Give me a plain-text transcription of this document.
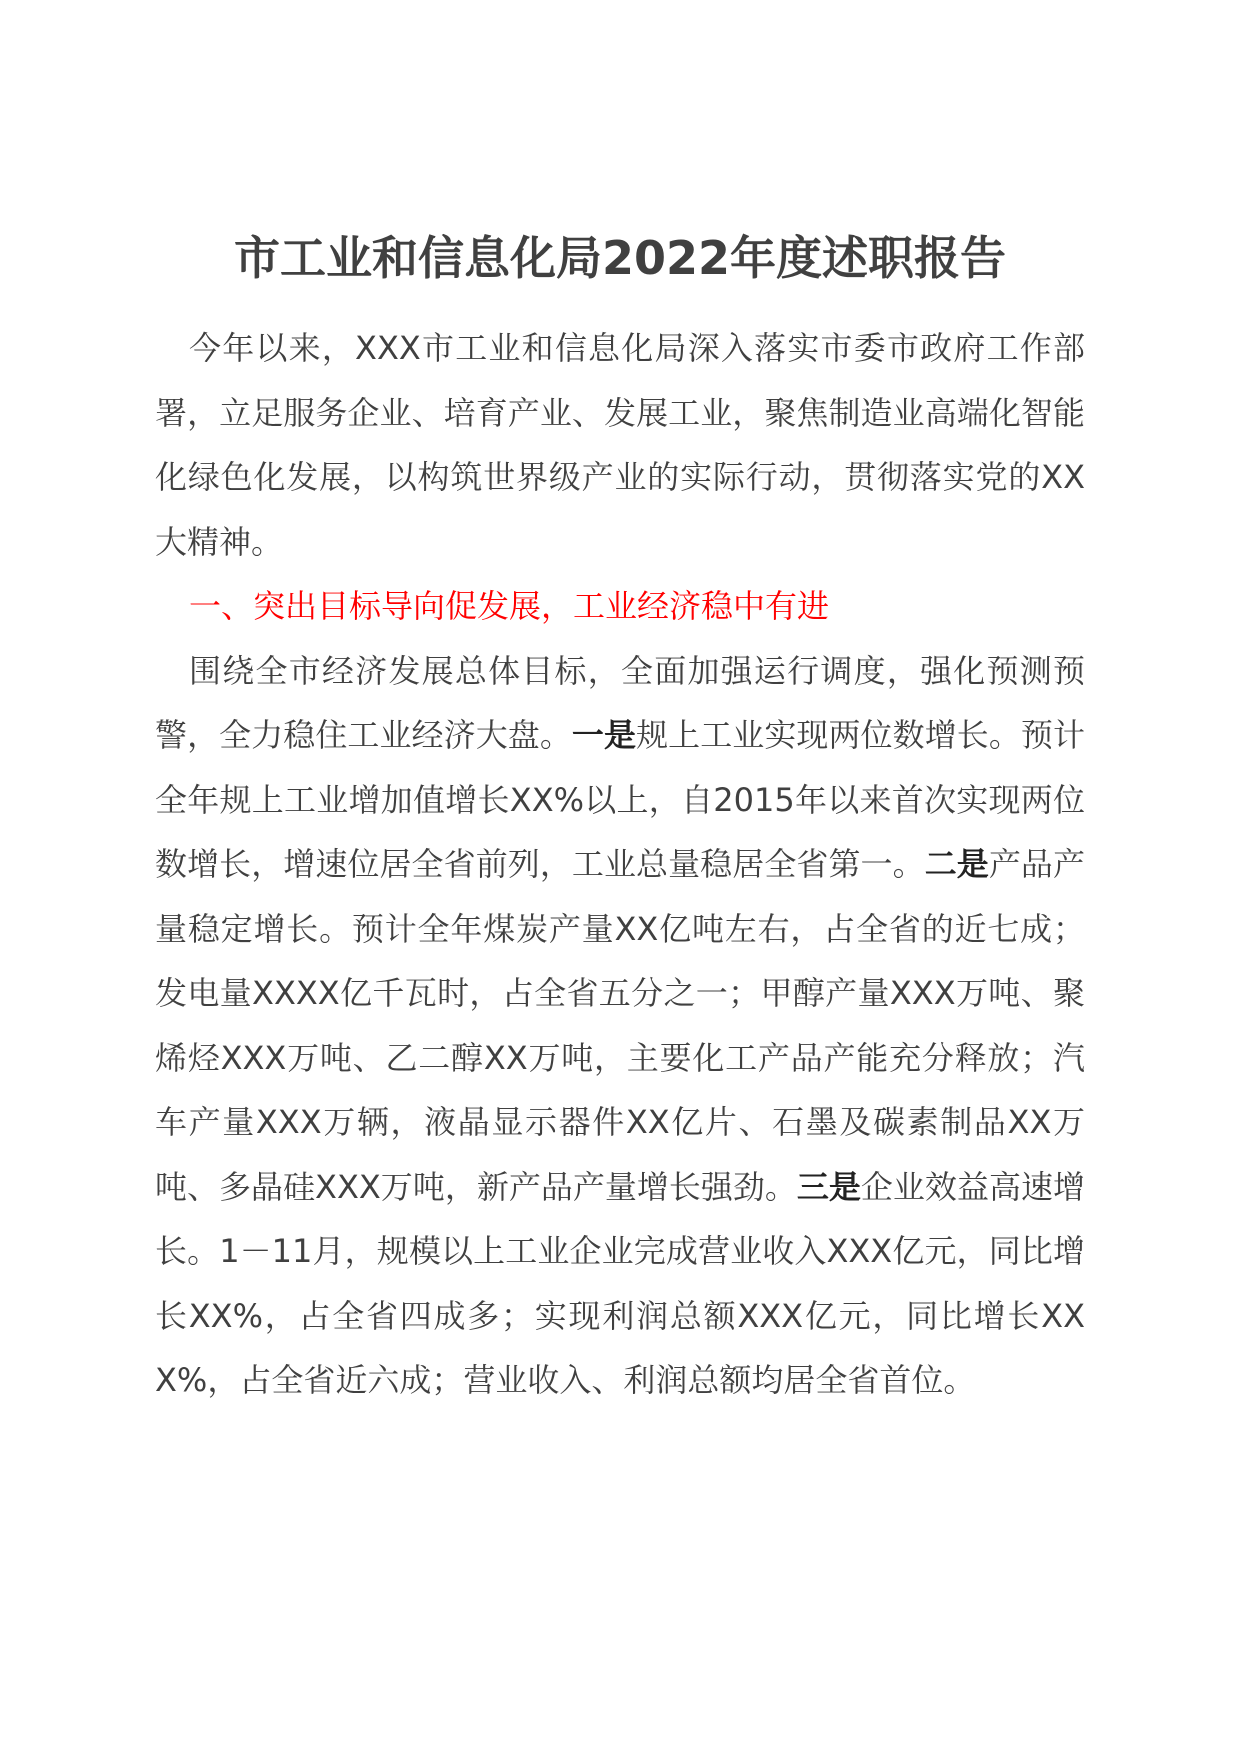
市工业和信息化局2022年度述职报告

今年以来，XXX市工业和信息化局深入落实市委市政府工作部署，立足服务企业、培育产业、发展工业，聚焦制造业高端化智能化绿色化发展，以构筑世界级产业的实际行动，贯彻落实党的XX大精神。

一、突出目标导向促发展，工业经济稳中有进

围绕全市经济发展总体目标，全面加强运行调度，强化预测预警，全力稳住工业经济大盘。一是规上工业实现两位数增长。预计全年规上工业增加值增长XX%以上，自2015年以来首次实现两位数增长，增速位居全省前列，工业总量稳居全省第一。二是产品产量稳定增长。预计全年煤炭产量XX亿吨左右，占全省的近七成；发电量XXXX亿千瓦时，占全省五分之一；甲醇产量XXX万吨、聚烯烃XXX万吨、乙二醇XX万吨，主要化工产品产能充分释放；汽车产量XXX万辆，液晶显示器件XX亿片、石墨及碳素制品XX万吨、多晶硅XXX万吨，新产品产量增长强劲。三是企业效益高速增长。1－11月，规模以上工业企业完成营业收入XXX亿元，同比增长XX%，占全省四成多；实现利润总额XXX亿元，同比增长XXX%，占全省近六成；营业收入、利润总额均居全省首位。
